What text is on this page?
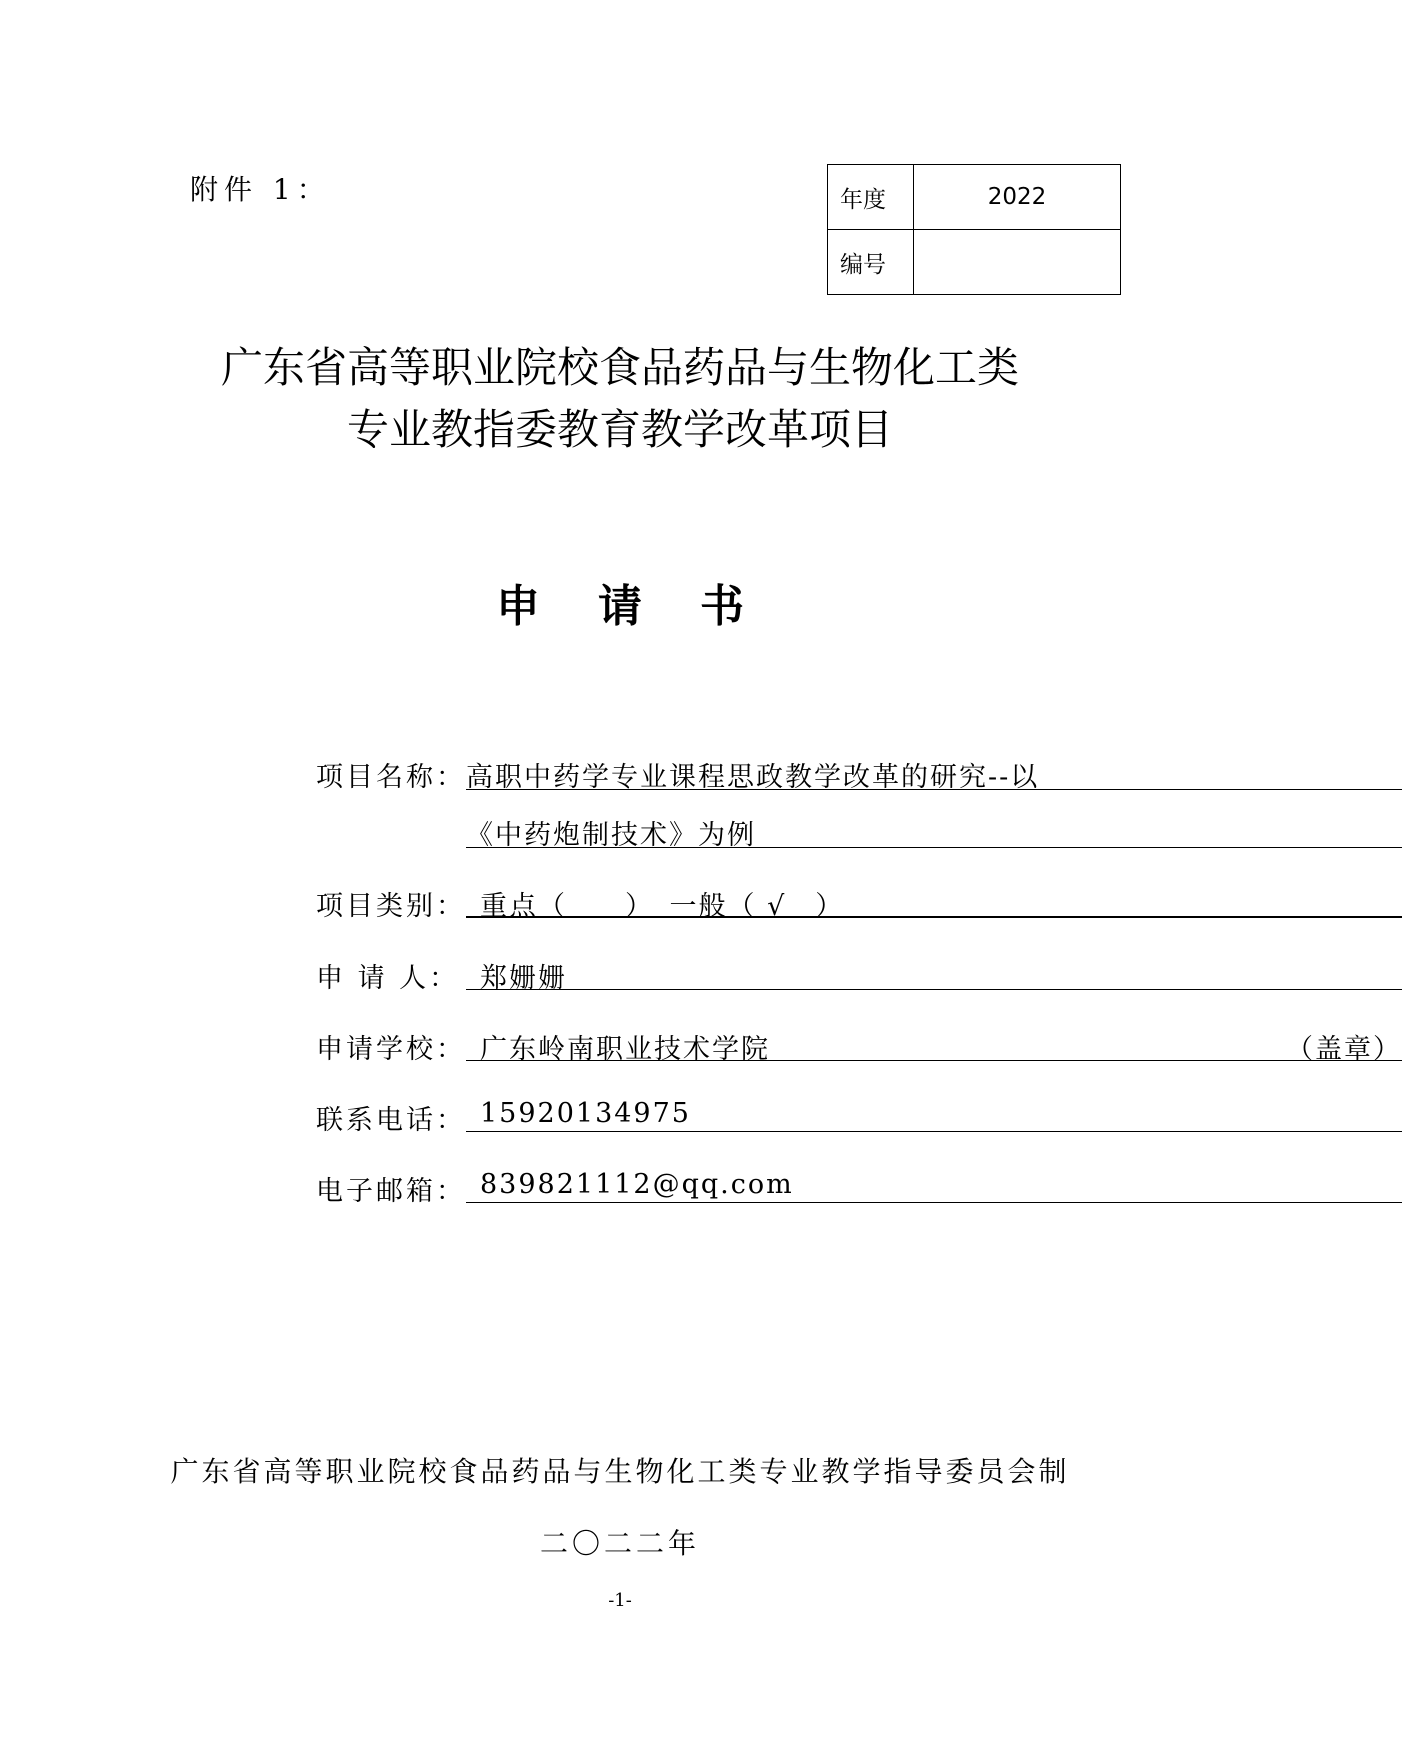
附件 1：	年度	2022
编号	
广东省高等职业院校食品药品与生物化工类
专业教指委教育教学改革项目
申请书
项目名称： 高职中药学专业课程思政教学改革的研究--以
《中药炮制技术》为例
项目类别： 重点（　　）　一般（ √　）
申 请 人： 郑姗姗
申请学校： 广东岭南职业技术学院	（盖章）
联系电话： 15920134975
电子邮箱： 839821112@qq.com
广东省高等职业院校食品药品与生物化工类专业教学指导委员会制
二〇二二年
-1-
